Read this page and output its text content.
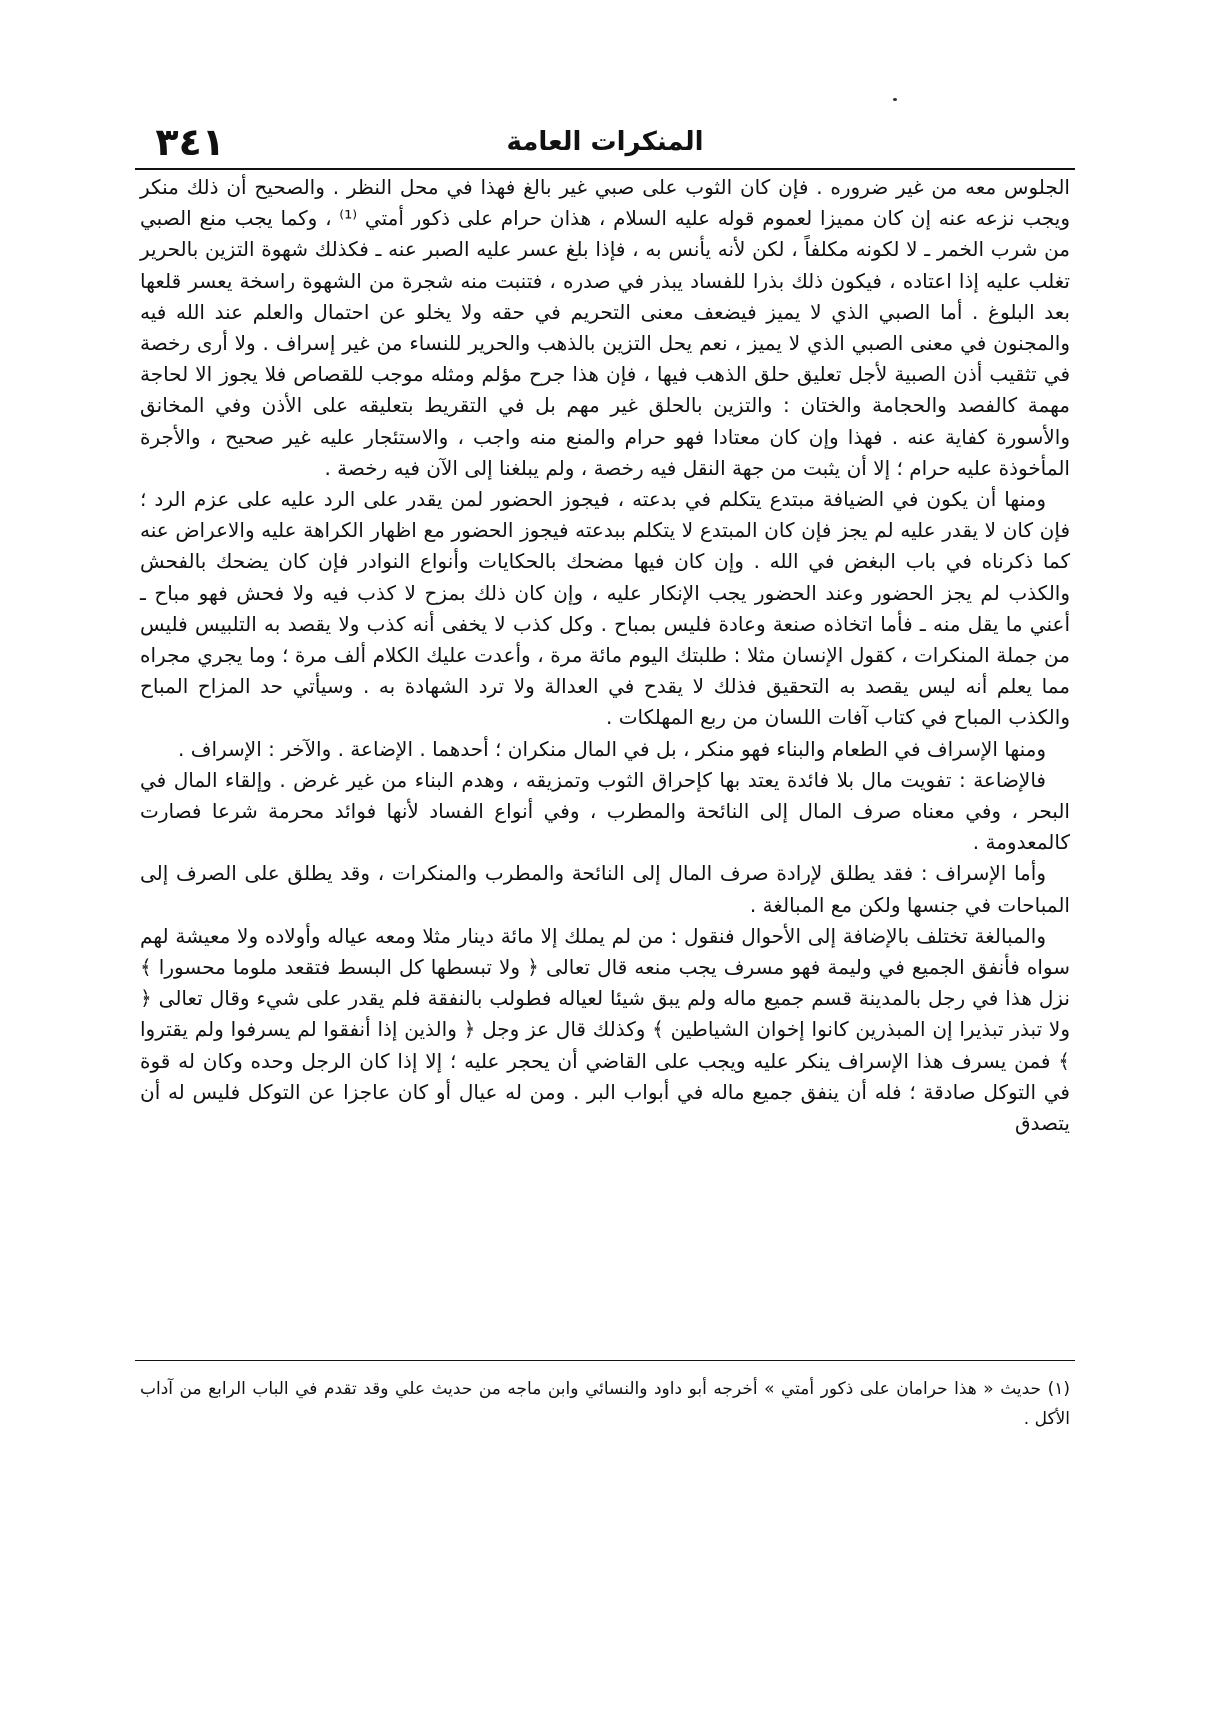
٣٤١	المنكرات العامة

الجلوس معه من غير ضروره . فإن كان الثوب على صبي غير بالغ فهذا في محل النظر . والصحيح أن ذلك منكر ويجب نزعه عنه إن كان مميزا لعموم قوله عليه السلام ، هذان حرام على ذكور أمتي ⁽¹⁾ ، وكما يجب منع الصبي من شرب الخمر ـ لا لكونه مكلفاً ، لكن لأنه يأنس به ، فإذا بلغ عسر عليه الصبر عنه ـ فكذلك شهوة التزين بالحرير تغلب عليه إذا اعتاده ، فيكون ذلك بذرا للفساد يبذر في صدره ، فتنبت منه شجرة من الشهوة راسخة يعسر قلعها بعد البلوغ . أما الصبي الذي لا يميز فيضعف معنى التحريم في حقه ولا يخلو عن احتمال والعلم عند الله فيه والمجنون في معنى الصبي الذي لا يميز ، نعم يحل التزين بالذهب والحرير للنساء من غير إسراف . ولا أرى رخصة في تثقيب أذن الصبية لأجل تعليق حلق الذهب فيها ، فإن هذا جرح مؤلم ومثله موجب للقصاص فلا يجوز الا لحاجة مهمة كالفصد والحجامة والختان : والتزين بالحلق غير مهم بل في التقريط بتعليقه على الأذن وفي المخانق والأسورة كفاية عنه . فهذا وإن كان معتادا فهو حرام والمنع منه واجب ، والاستئجار عليه غير صحيح ، والأجرة المأخوذة عليه حرام ؛ إلا أن يثبت من جهة النقل فيه رخصة ، ولم يبلغنا إلى الآن فيه رخصة .

ومنها أن يكون في الضيافة مبتدع يتكلم في بدعته ، فيجوز الحضور لمن يقدر على الرد عليه على عزم الرد ؛ فإن كان لا يقدر عليه لم يجز فإن كان المبتدع لا يتكلم ببدعته فيجوز الحضور مع اظهار الكراهة عليه والاعراض عنه كما ذكرناه في باب البغض في الله . وإن كان فيها مضحك بالحكايات وأنواع النوادر فإن كان يضحك بالفحش والكذب لم يجز الحضور وعند الحضور يجب الإنكار عليه ، وإن كان ذلك بمزح لا كذب فيه ولا فحش فهو مباح ـ أعني ما يقل منه ـ فأما اتخاذه صنعة وعادة فليس بمباح . وكل كذب لا يخفى أنه كذب ولا يقصد به التلبيس فليس من جملة المنكرات ، كقول الإنسان مثلا : طلبتك اليوم مائة مرة ، وأعدت عليك الكلام ألف مرة ؛ وما يجري مجراه مما يعلم أنه ليس يقصد به التحقيق فذلك لا يقدح في العدالة ولا ترد الشهادة به . وسيأتي حد المزاح المباح والكذب المباح في كتاب آفات اللسان من ربع المهلكات .

ومنها الإسراف في الطعام والبناء فهو منكر ، بل في المال منكران ؛ أحدهما . الإضاعة . والآخر : الإسراف .

فالإضاعة : تفويت مال بلا فائدة يعتد بها كإحراق الثوب وتمزيقه ، وهدم البناء من غير غرض . وإلقاء المال في البحر ، وفي معناه صرف المال إلى النائحة والمطرب ، وفي أنواع الفساد لأنها فوائد محرمة شرعا فصارت كالمعدومة .

وأما الإسراف : فقد يطلق لإرادة صرف المال إلى النائحة والمطرب والمنكرات ، وقد يطلق على الصرف إلى المباحات في جنسها ولكن مع المبالغة .

والمبالغة تختلف بالإضافة إلى الأحوال فنقول : من لم يملك إلا مائة دينار مثلا ومعه عياله وأولاده ولا معيشة لهم سواه فأنفق الجميع في وليمة فهو مسرف يجب منعه قال تعالى ﴿ ولا تبسطها كل البسط فتقعد ملوما محسورا ﴾ نزل هذا في رجل بالمدينة قسم جميع ماله ولم يبق شيئا لعياله فطولب بالنفقة فلم يقدر على شيء وقال تعالى ﴿ ولا تبذر تبذيرا إن المبذرين كانوا إخوان الشياطين ﴾ وكذلك قال عز وجل ﴿ والذين إذا أنفقوا لم يسرفوا ولم يقتروا ﴾ فمن يسرف هذا الإسراف ينكر عليه ويجب على القاضي أن يحجر عليه ؛ إلا إذا كان الرجل وحده وكان له قوة في التوكل صادقة ؛ فله أن ينفق جميع ماله في أبواب البر . ومن له عيال أو كان عاجزا عن التوكل فليس له أن يتصدق

(١) حديث « هذا حرامان على ذكور أمتي » أخرجه أبو داود والنسائي وابن ماجه من حديث علي وقد تقدم في الباب الرابع من آداب الأكل .
